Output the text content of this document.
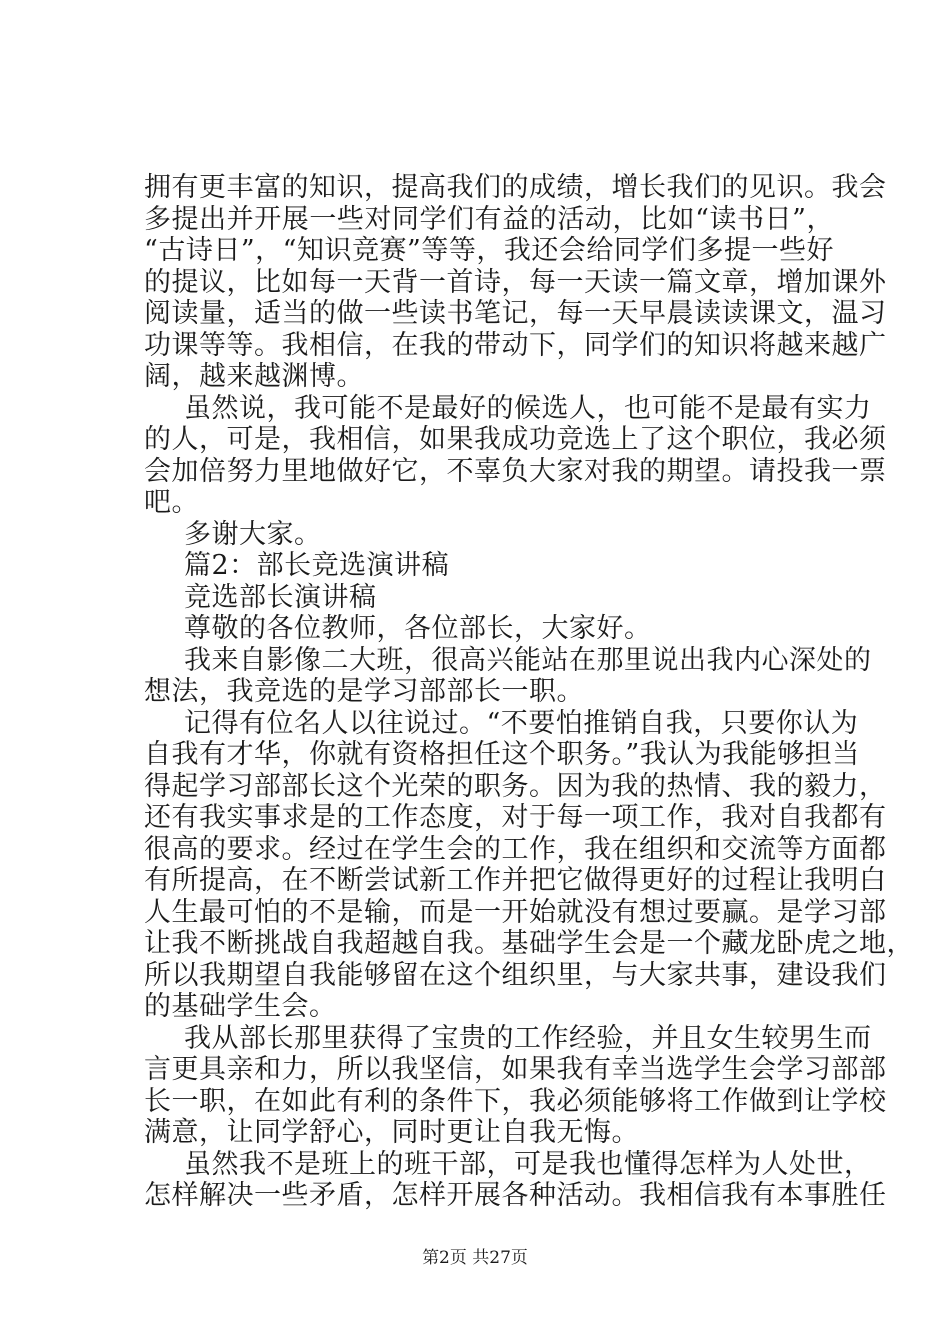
拥有更丰富的知识，提高我们的成绩，增长我们的见识。我会
多提出并开展一些对同学们有益的活动，比如“读书日”，
“古诗日”，“知识竞赛”等等，我还会给同学们多提一些好
的提议，比如每一天背一首诗，每一天读一篇文章，增加课外
阅读量，适当的做一些读书笔记，每一天早晨读读课文，温习
功课等等。我相信，在我的带动下，同学们的知识将越来越广
阔，越来越渊博。
虽然说，我可能不是最好的候选人，也可能不是最有实力
的人，可是，我相信，如果我成功竞选上了这个职位，我必须
会加倍努力里地做好它，不辜负大家对我的期望。请投我一票
吧。
多谢大家。
篇2：部长竞选演讲稿
竞选部长演讲稿
尊敬的各位教师，各位部长，大家好。
我来自影像二大班，很高兴能站在那里说出我内心深处的
想法，我竞选的是学习部部长一职。
记得有位名人以往说过。“不要怕推销自我，只要你认为
自我有才华，你就有资格担任这个职务。”我认为我能够担当
得起学习部部长这个光荣的职务。因为我的热情、我的毅力，
还有我实事求是的工作态度，对于每一项工作，我对自我都有
很高的要求。经过在学生会的工作，我在组织和交流等方面都
有所提高，在不断尝试新工作并把它做得更好的过程让我明白
人生最可怕的不是输，而是一开始就没有想过要赢。是学习部
让我不断挑战自我超越自我。基础学生会是一个藏龙卧虎之地，
所以我期望自我能够留在这个组织里，与大家共事，建设我们
的基础学生会。
我从部长那里获得了宝贵的工作经验，并且女生较男生而
言更具亲和力，所以我坚信，如果我有幸当选学生会学习部部
长一职，在如此有利的条件下，我必须能够将工作做到让学校
满意，让同学舒心，同时更让自我无悔。
虽然我不是班上的班干部，可是我也懂得怎样为人处世，
怎样解决一些矛盾，怎样开展各种活动。我相信我有本事胜任
第2页 共27页
